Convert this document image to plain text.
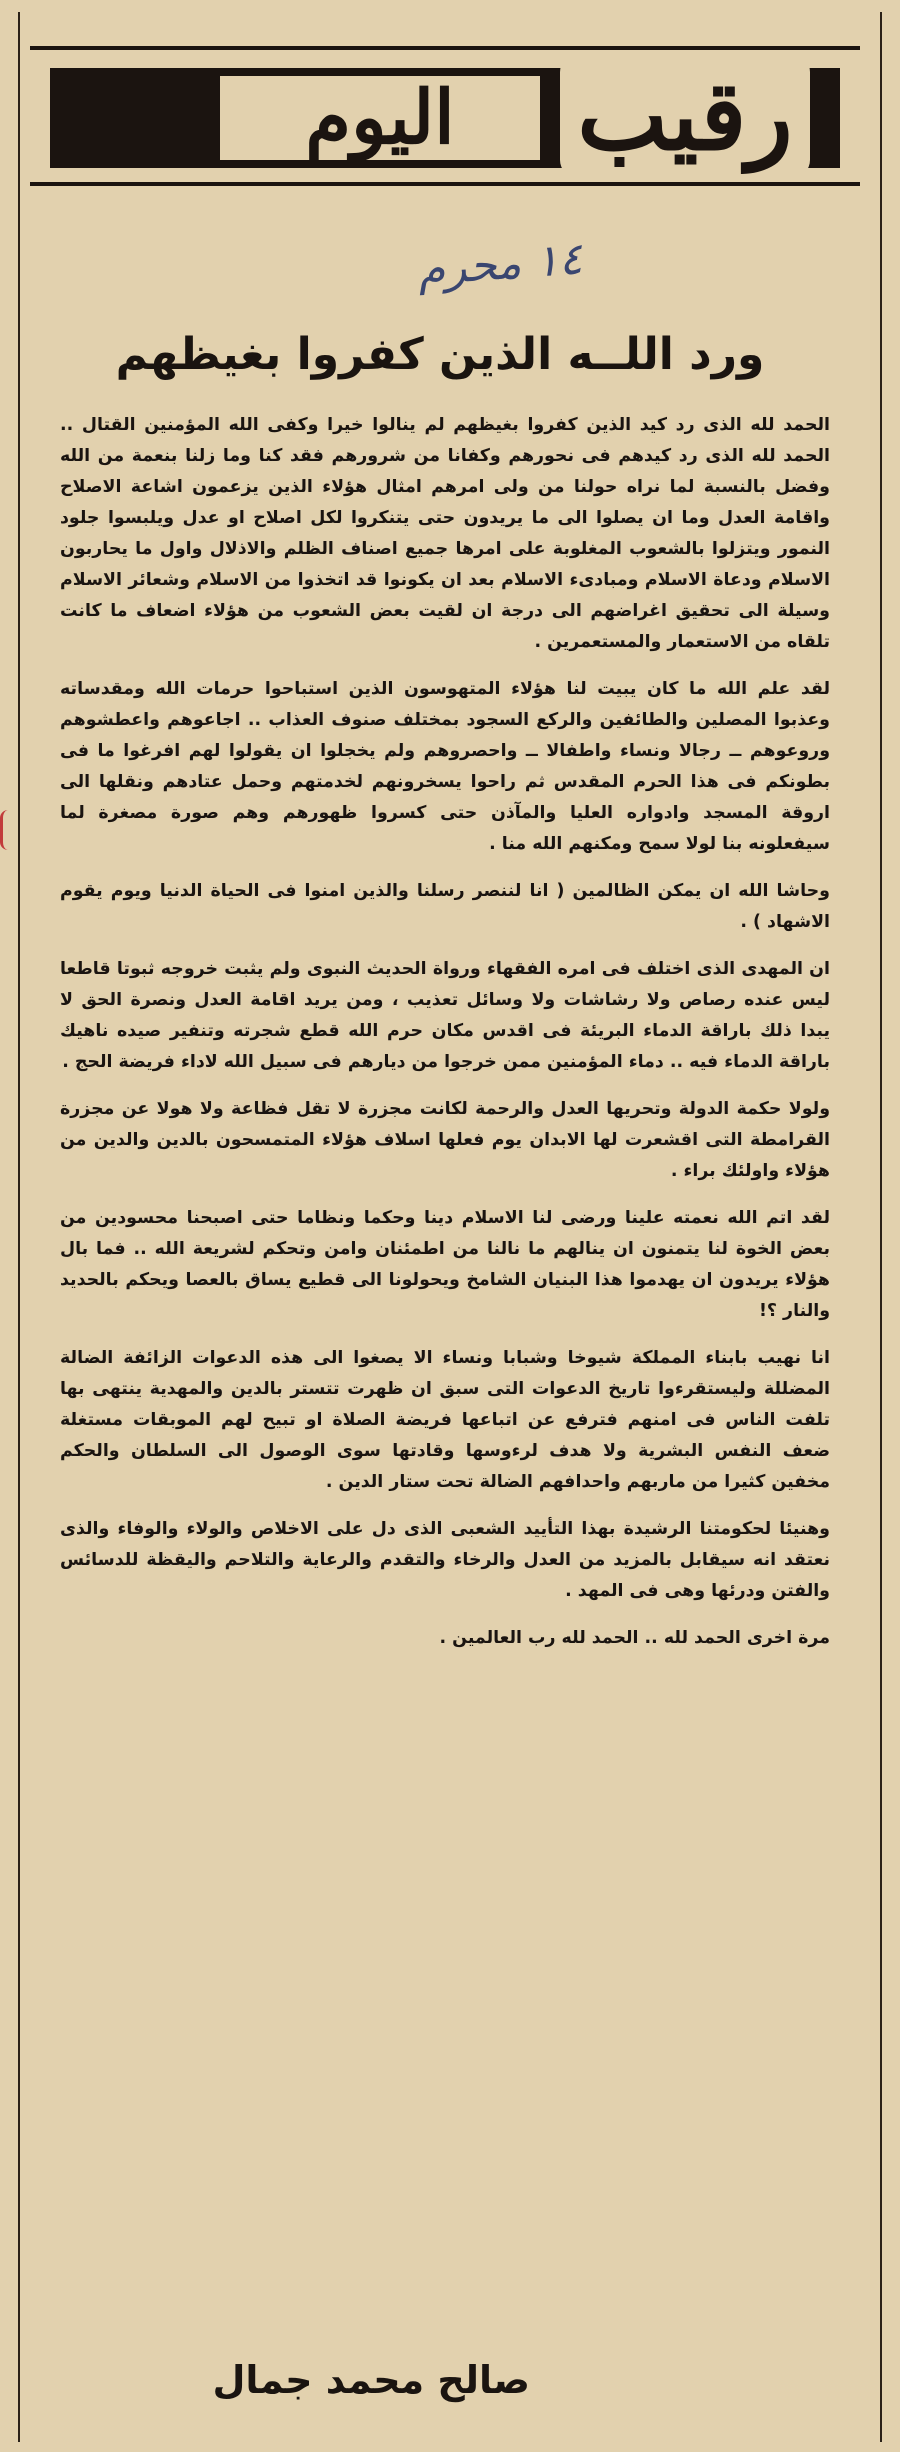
رقيب
اليوم
١٤ محرم
ورد اللــه الذين كفروا بغيظهم

الحمد لله الذى رد كيد الذين كفروا بغيظهم لم ينالوا خيرا وكفى الله المؤمنين القتال .. الحمد لله الذى رد كيدهم فى نحورهم وكفانا من شرورهم فقد كنا وما زلنا بنعمة من الله وفضل بالنسبة لما نراه حولنا من ولى امرهم امثال هؤلاء الذين يزعمون اشاعة الاصلاح واقامة العدل وما ان يصلوا الى ما يريدون حتى يتنكروا لكل اصلاح او عدل ويلبسوا جلود النمور ويتزلوا بالشعوب المغلوبة على امرها جميع اصناف الظلم والاذلال واول ما يحاربون الاسلام ودعاة الاسلام ومبادىء الاسلام بعد ان يكونوا قد اتخذوا من الاسلام وشعائر الاسلام وسيلة الى تحقيق اغراضهم الى درجة ان لقيت بعض الشعوب من هؤلاء اضعاف ما كانت تلقاه من الاستعمار والمستعمرين .

لقد علم الله ما كان يبيت لنا هؤلاء المتهوسون الذين استباحوا حرمات الله ومقدساته وعذبوا المصلين والطائفين والركع السجود بمختلف صنوف العذاب .. اجاعوهم واعطشوهم وروعوهم ــ رجالا ونساء واطفالا ــ واحصروهم ولم يخجلوا ان يقولوا لهم افرغوا ما فى بطونكم فى هذا الحرم المقدس ثم راحوا يسخرونهم لخدمتهم وحمل عتادهم ونقلها الى اروقة المسجد وادواره العليا والمآذن حتى كسروا ظهورهم وهم صورة مصغرة لما سيفعلونه بنا لولا سمح ومكنهم الله منا .

وحاشا الله ان يمكن الظالمين ( انا لننصر رسلنا والذين امنوا فى الحياة الدنيا ويوم يقوم الاشهاد ) .

ان المهدى الذى اختلف فى امره الفقهاء ورواة الحديث النبوى ولم يثبت خروجه ثبوتا قاطعا ليس عنده رصاص ولا رشاشات ولا وسائل تعذيب ، ومن يريد اقامة العدل ونصرة الحق لا يبدا ذلك باراقة الدماء البريئة فى اقدس مكان حرم الله قطع شجرته وتنفير صيده ناهيك باراقة الدماء فيه .. دماء المؤمنين ممن خرجوا من ديارهم فى سبيل الله لاداء فريضة الحج .

ولولا حكمة الدولة وتحريها العدل والرحمة لكانت مجزرة لا تقل فظاعة ولا هولا عن مجزرة القرامطة التى اقشعرت لها الابدان يوم فعلها اسلاف هؤلاء المتمسحون بالدين والدين من هؤلاء واولئك براء .

لقد اتم الله نعمته علينا ورضى لنا الاسلام دينا وحكما ونظاما حتى اصبحنا محسودين من بعض الخوة لنا يتمنون ان ينالهم ما نالنا من اطمئنان وامن وتحكم لشريعة الله .. فما بال هؤلاء يريدون ان يهدموا هذا البنيان الشامخ ويحولونا الى قطيع يساق بالعصا ويحكم بالحديد والنار ؟!

انا نهيب بابناء المملكة شيوخا وشبابا ونساء الا يصغوا الى هذه الدعوات الزائفة الضالة المضللة وليستقرءوا تاريخ الدعوات التى سبق ان ظهرت تتستر بالدين والمهدية ينتهى بها تلفت الناس فى امنهم فترفع عن اتباعها فريضة الصلاة او تبيح لهم الموبقات مستغلة ضعف النفس البشرية ولا هدف لرءوسها وقادتها سوى الوصول الى السلطان والحكم مخفين كثيرا من ماربهم واحدافهم الضالة تحت ستار الدين .

وهنيئا لحكومتنا الرشيدة بهذا التأييد الشعبى الذى دل على الاخلاص والولاء والوفاء والذى نعتقد انه سيقابل بالمزيد من العدل والرخاء والتقدم والرعاية والتلاحم واليقظة للدسائس والفتن ودرئها وهى فى المهد .

مرة اخرى الحمد لله .. الحمد لله رب العالمين .

صالح محمد جمال
